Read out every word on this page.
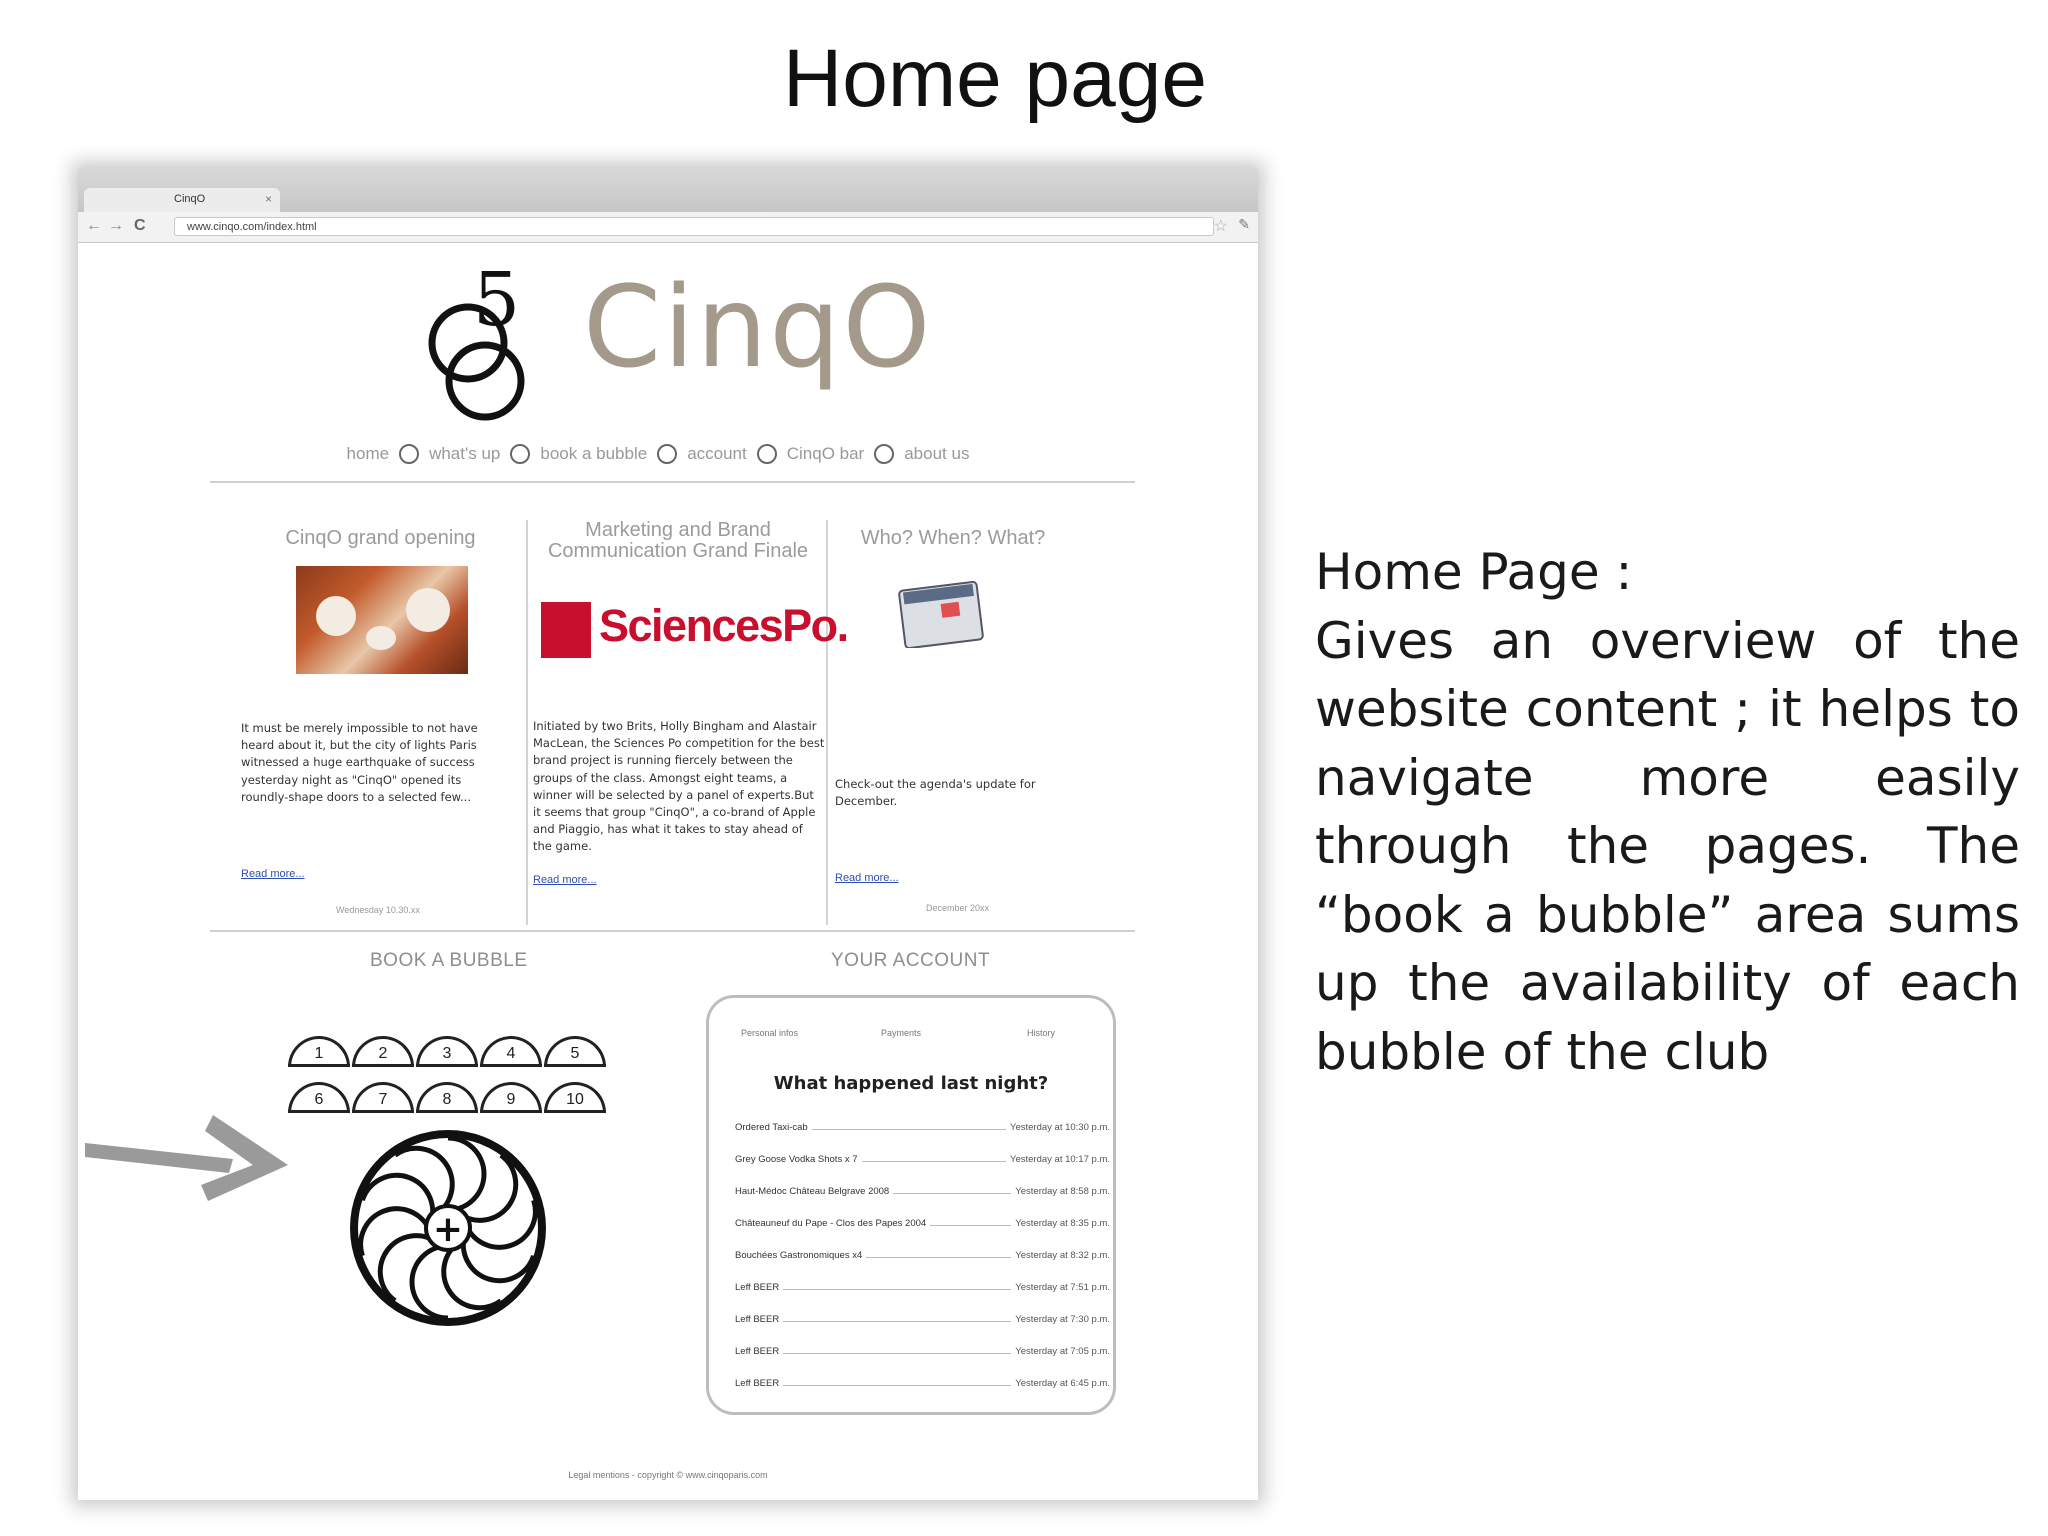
Home page
CinqO	×
← → C	www.cinqo.com/index.html	☆ ✎
5 CinqO
home what's up book a bubble account CinqO bar about us
CinqO grand opening
It must be merely impossible to not have heard about it, but the city of lights Paris witnessed a huge earthquake of success yesterday night as "CinqO" opened its roundly-shape doors to a selected few...
Read more...
Wednesday 10.30.xx
Marketing and Brand Communication Grand Finale
SciencesPo.
Initiated by two Brits, Holly Bingham and Alastair MacLean, the Sciences Po competition for the best brand project is running fiercely between the groups of the class. Amongst eight teams, a winner will be selected by a panel of experts.But it seems that group "CinqO", a co-brand of Apple and Piaggio, has what it takes to stay ahead of the game.
Read more...
Who? When? What?
Check-out the agenda's update for December.
Read more...
December 20xx
BOOK A BUBBLE	YOUR ACCOUNT
1	2	3	4	5
6	7	8	9	10
+
Personal infos	Payments	History
What happened last night?
Ordered Taxi-cab	Yesterday at 10:30 p.m.
Grey Goose Vodka Shots x 7	Yesterday at 10:17 p.m.
Haut-Médoc Château Belgrave 2008	Yesterday at 8:58 p.m.
Châteauneuf du Pape - Clos des Papes 2004	Yesterday at 8:35 p.m.
Bouchées Gastronomiques x4	Yesterday at 8:32 p.m.
Leff BEER	Yesterday at 7:51 p.m.
Leff BEER	Yesterday at 7:30 p.m.
Leff BEER	Yesterday at 7:05 p.m.
Leff BEER	Yesterday at 6:45 p.m.
Legal mentions - copyright © www.cinqoparis.com

Home Page :

Gives an overview of the website content ; it helps to navigate more easily through the pages. The “book a bubble” area sums up the availability of each bubble of the club
